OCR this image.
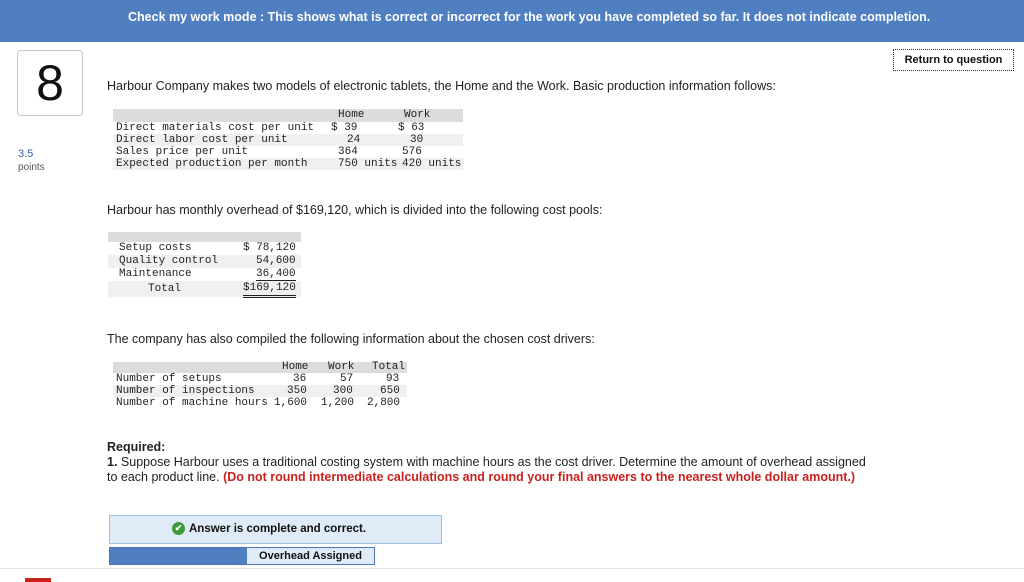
Check my work mode : This shows what is correct or incorrect for the work you have completed so far. It does not indicate completion.
Return to question
8
3.5
points
Harbour Company makes two models of electronic tablets, the Home and the Work. Basic production information follows:
Home	Work
Direct materials cost per unit $ 39	$ 63
Direct labor cost per unit	24	30
Sales price per unit	364	576
Expected production per month	750 units 420 units
Harbour has monthly overhead of $169,120, which is divided into the following cost pools:
Setup costs	$ 78,120
Quality control	54,600
Maintenance	36,400
Total	$169,120
The company has also compiled the following information about the chosen cost drivers:
Home Work Total
Number of setups	36	57	93
Number of inspections	350 300 650
Number of machine hours 1,600 1,200 2,800
Required:
1. Suppose Harbour uses a traditional costing system with machine hours as the cost driver. Determine the amount of overhead assigned to each product line. (Do not round intermediate calculations and round your final answers to the nearest whole dollar amount.)
✔ Answer is complete and correct.
Overhead Assigned
